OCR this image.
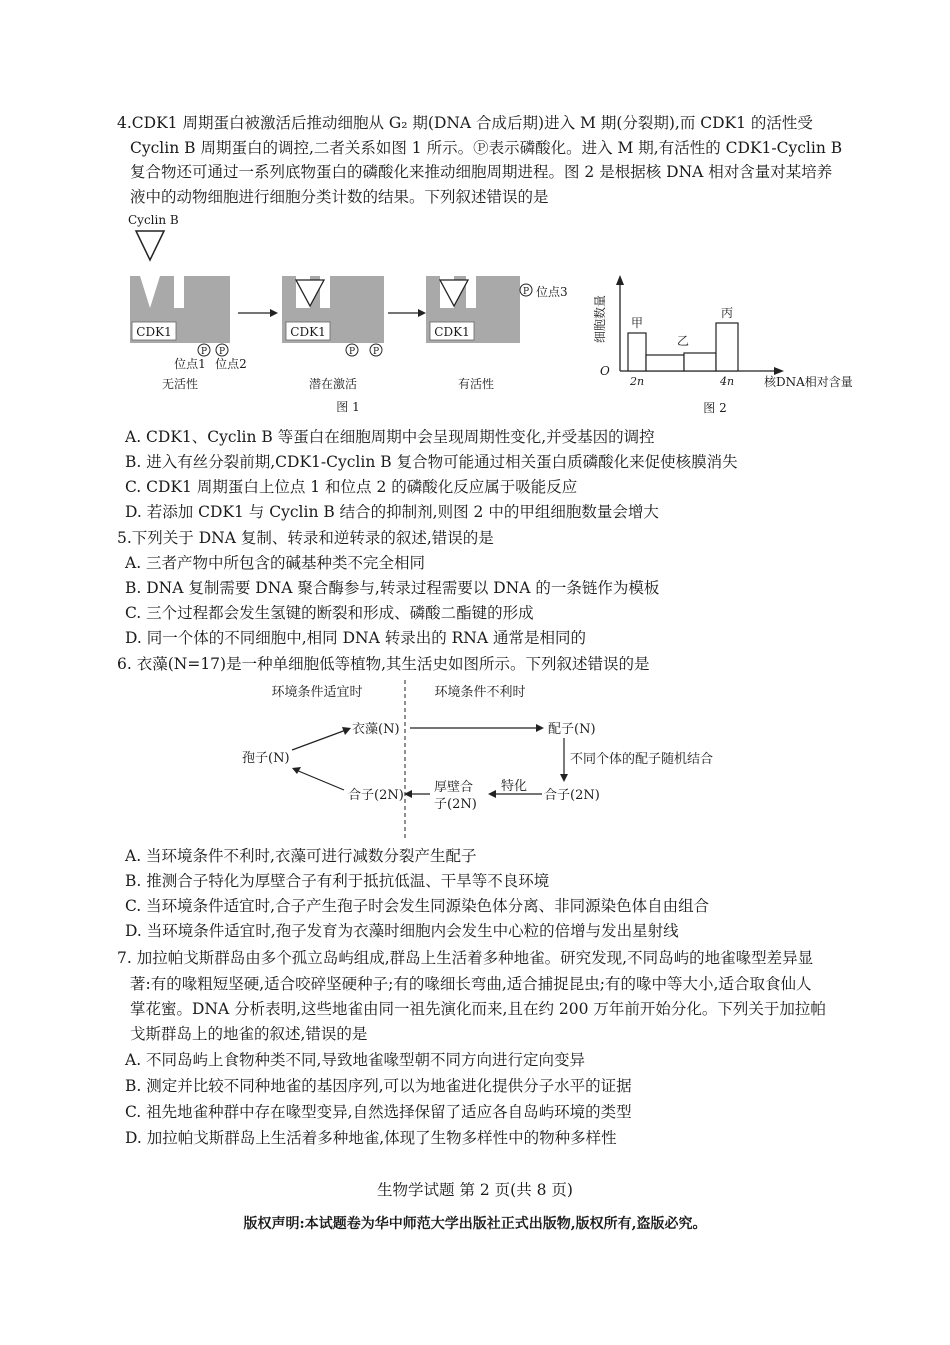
4.CDK1 周期蛋白被激活后推动细胞从 G₂ 期(DNA 合成后期)进入 M 期(分裂期),而 CDK1 的活性受
Cyclin B 周期蛋白的调控,二者关系如图 1 所示。Ⓟ表示磷酸化。进入 M 期,有活性的 CDK1-Cyclin B
复合物还可通过一系列底物蛋白的磷酸化来推动细胞周期进程。图 2 是根据核 DNA 相对含量对某培养
液中的动物细胞进行细胞分类计数的结果。下列叙述错误的是
Cyclin B
CDK1
P P
位点1 位点2
无活性
CDK1
P P
潜在激活
CDK1
P 位点3
有活性
图 1
细胞数量
O
甲
乙
丙
2n	4n 核DNA相对含量
图 2
A. CDK1、Cyclin B 等蛋白在细胞周期中会呈现周期性变化,并受基因的调控
B. 进入有丝分裂前期,CDK1-Cyclin B 复合物可能通过相关蛋白质磷酸化来促使核膜消失
C. CDK1 周期蛋白上位点 1 和位点 2 的磷酸化反应属于吸能反应
D. 若添加 CDK1 与 Cyclin B 结合的抑制剂,则图 2 中的甲组细胞数量会增大
5.下列关于 DNA 复制、转录和逆转录的叙述,错误的是
A. 三者产物中所包含的碱基种类不完全相同
B. DNA 复制需要 DNA 聚合酶参与,转录过程需要以 DNA 的一条链作为模板
C. 三个过程都会发生氢键的断裂和形成、磷酸二酯键的形成
D. 同一个体的不同细胞中,相同 DNA 转录出的 RNA 通常是相同的
6. 衣藻(N=17)是一种单细胞低等植物,其生活史如图所示。下列叙述错误的是
环境条件适宜时	环境条件不利时
衣藻(N)	配子(N)
孢子(N)	不同个体的配子随机结合
合子(2N)
特化
厚壁合
子(2N)
合子(2N)
A. 当环境条件不利时,衣藻可进行减数分裂产生配子
B. 推测合子特化为厚壁合子有利于抵抗低温、干旱等不良环境
C. 当环境条件适宜时,合子产生孢子时会发生同源染色体分离、非同源染色体自由组合
D. 当环境条件适宜时,孢子发育为衣藻时细胞内会发生中心粒的倍增与发出星射线
7. 加拉帕戈斯群岛由多个孤立岛屿组成,群岛上生活着多种地雀。研究发现,不同岛屿的地雀喙型差异显
著:有的喙粗短坚硬,适合咬碎坚硬种子;有的喙细长弯曲,适合捕捉昆虫;有的喙中等大小,适合取食仙人
掌花蜜。DNA 分析表明,这些地雀由同一祖先演化而来,且在约 200 万年前开始分化。下列关于加拉帕
戈斯群岛上的地雀的叙述,错误的是
A. 不同岛屿上食物种类不同,导致地雀喙型朝不同方向进行定向变异
B. 测定并比较不同种地雀的基因序列,可以为地雀进化提供分子水平的证据
C. 祖先地雀种群中存在喙型变异,自然选择保留了适应各自岛屿环境的类型
D. 加拉帕戈斯群岛上生活着多种地雀,体现了生物多样性中的物种多样性
生物学试题 第 2 页(共 8 页)
版权声明:本试题卷为华中师范大学出版社正式出版物,版权所有,盗版必究。
